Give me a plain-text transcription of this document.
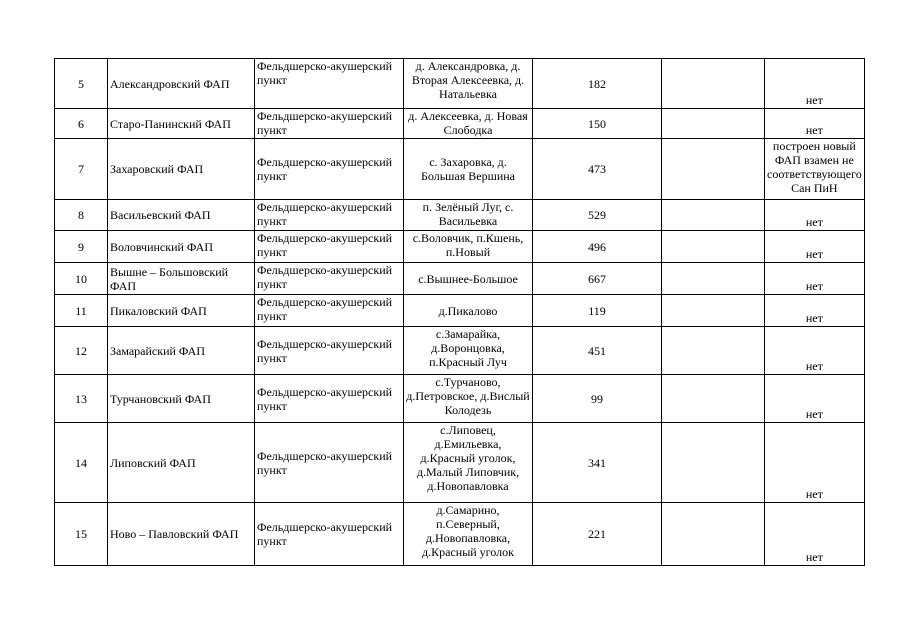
5	Александровский ФАП	Фельдшерско-акушерский пункт	д. Александровка, д. Вторая Алексеевка, д. Натальевка	182		нет
6	Старо-Панинский ФАП	Фельдшерско-акушерский пункт	д. Алексеевка, д. Новая Слободка	150		нет
7	Захаровский ФАП	Фельдшерско-акушерский пункт	с. Захаровка, д. Большая Вершина	473		построен новый ФАП взамен не соответствующего Сан ПиН
8	Васильевский ФАП	Фельдшерско-акушерский пункт	п. Зелёный Луг, с. Васильевка	529		нет
9	Воловчинский ФАП	Фельдшерско-акушерский пункт	с.Воловчик, п.Кшень, п.Новый	496		нет
10	Вышне – Большовский ФАП	Фельдшерско-акушерский пункт	с.Вышнее-Большое	667		нет
11	Пикаловский ФАП	Фельдшерско-акушерский пункт	д.Пикалово	119		нет
12	Замарайский ФАП	Фельдшерско-акушерский пункт	с.Замарайка, д.Воронцовка, п.Красный Луч	451		нет
13	Турчановский ФАП	Фельдшерско-акушерский пункт	с.Турчаново, д.Петровское, д.Вислый Колодезь	99		нет
14	Липовский ФАП	Фельдшерско-акушерский пункт	с.Липовец, д.Емильевка, д.Красный уголок, д.Малый Липовчик, д.Новопавловка	341		нет
15	Ново – Павловский ФАП	Фельдшерско-акушерский пункт	д.Самарино, п.Северный, д.Новопавловка, д.Красный уголок	221		нет
